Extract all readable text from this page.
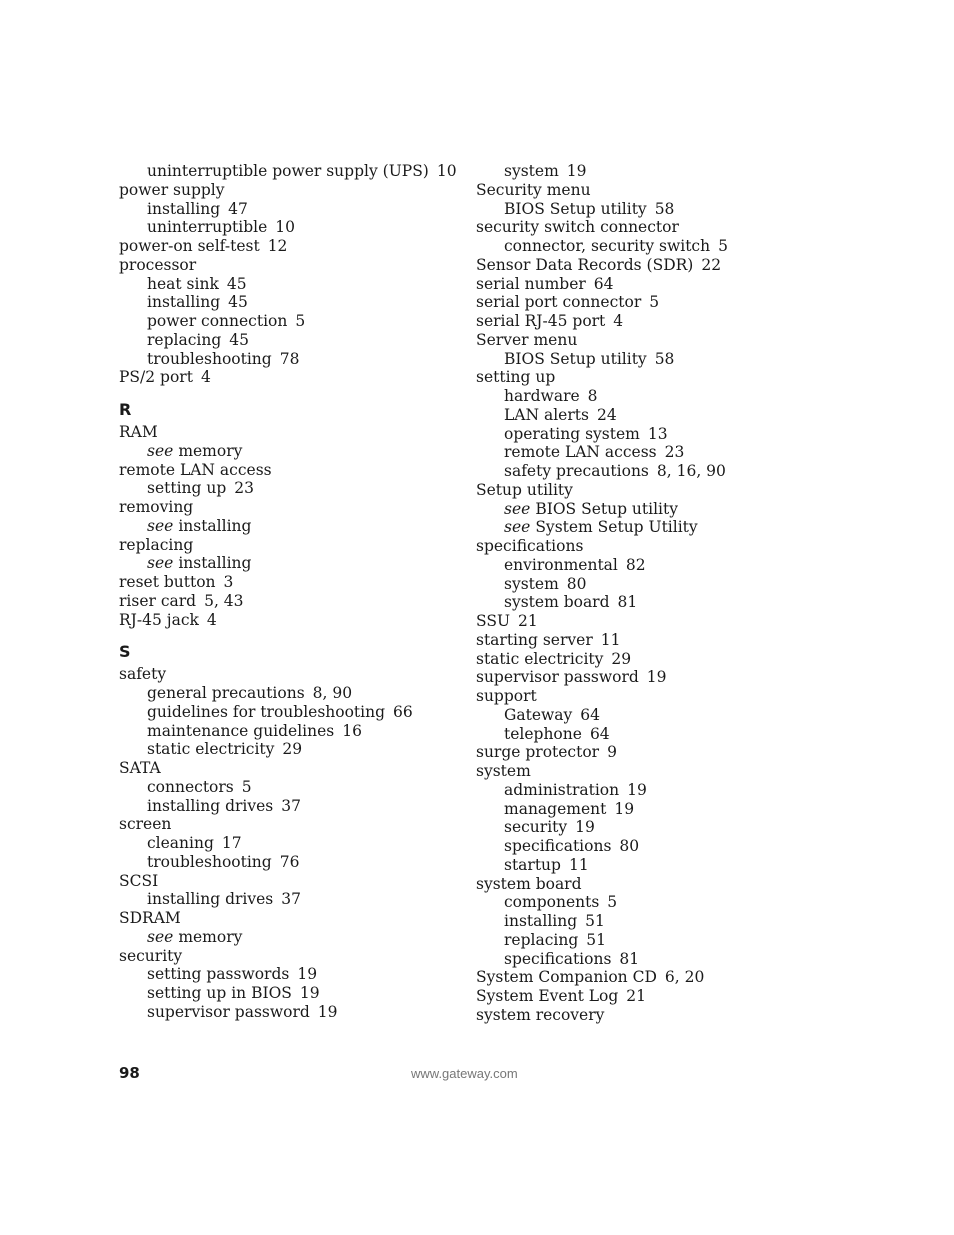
uninterruptible power supply (UPS) 10
power supply
installing 47
uninterruptible 10
power-on self-test 12
processor
heat sink 45
installing 45
power connection 5
replacing 45
troubleshooting 78
PS/2 port 4
R
RAM
see memory
remote LAN access
setting up 23
removing
see installing
replacing
see installing
reset button 3
riser card 5, 43
RJ-45 jack 4
S
safety
general precautions 8, 90
guidelines for troubleshooting 66
maintenance guidelines 16
static electricity 29
SATA
connectors 5
installing drives 37
screen
cleaning 17
troubleshooting 76
SCSI
installing drives 37
SDRAM
see memory
security
setting passwords 19
setting up in BIOS 19
supervisor password 19
system 19
Security menu
BIOS Setup utility 58
security switch connector
connector, security switch 5
Sensor Data Records (SDR) 22
serial number 64
serial port connector 5
serial RJ-45 port 4
Server menu
BIOS Setup utility 58
setting up
hardware 8
LAN alerts 24
operating system 13
remote LAN access 23
safety precautions 8, 16, 90
Setup utility
see BIOS Setup utility
see System Setup Utility
specifications
environmental 82
system 80
system board 81
SSU 21
starting server 11
static electricity 29
supervisor password 19
support
Gateway 64
telephone 64
surge protector 9
system
administration 19
management 19
security 19
specifications 80
startup 11
system board
components 5
installing 51
replacing 51
specifications 81
System Companion CD 6, 20
System Event Log 21
system recovery
98	www.gateway.com
